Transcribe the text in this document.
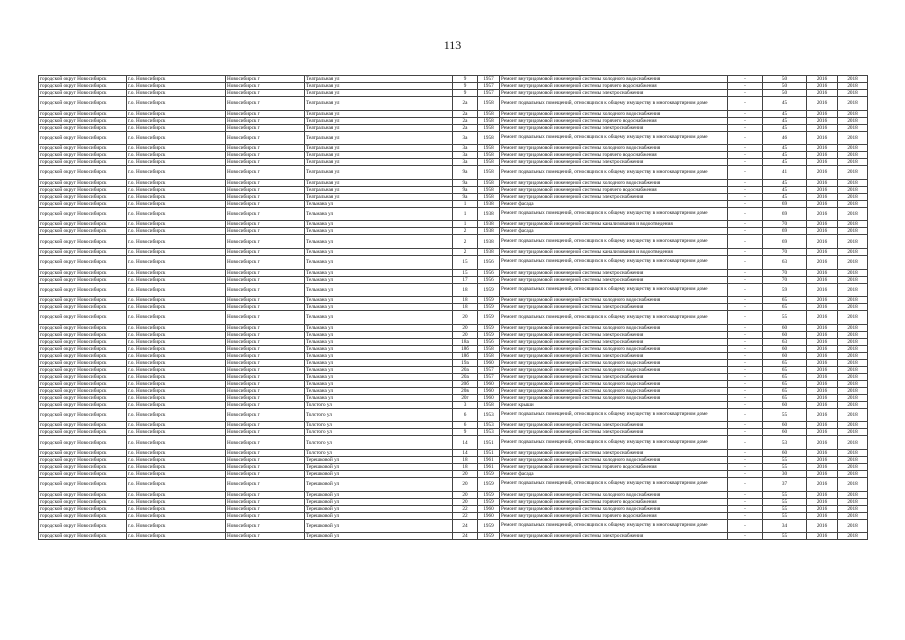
113
городской округ Новосибирск	г.о. Новосибирск	Новосибирск г	Театральная ул	9	1957	Ремонт внутридомовой инженерной системы холодного водоснабжения	-	50	2016	2018
городской округ Новосибирск	г.о. Новосибирск	Новосибирск г	Театральная ул	9	1957	Ремонт внутридомовой инженерной системы горячего водоснабжения	-	50	2016	2018
городской округ Новосибирск	г.о. Новосибирск	Новосибирск г	Театральная ул	9	1957	Ремонт внутридомовой инженерной системы электроснабжения	-	50	2016	2018
городской округ Новосибирск	г.о. Новосибирск	Новосибирск г	Театральная ул	2а	1958	Ремонт подвальных помещений, относящихся к общему имуществу в многоквартирном доме	-	45	2016	2018
городской округ Новосибирск	г.о. Новосибирск	Новосибирск г	Театральная ул	2а	1958	Ремонт внутридомовой инженерной системы холодного водоснабжения	-	45	2016	2018
городской округ Новосибирск	г.о. Новосибирск	Новосибирск г	Театральная ул	2а	1958	Ремонт внутридомовой инженерной системы горячего водоснабжения	-	45	2016	2018
городской округ Новосибирск	г.о. Новосибирск	Новосибирск г	Театральная ул	2а	1958	Ремонт внутридомовой инженерной системы электроснабжения	-	45	2016	2018
городской округ Новосибирск	г.о. Новосибирск	Новосибирск г	Театральная ул	3а	1958	Ремонт подвальных помещений, относящихся к общему имуществу в многоквартирном доме	-	46	2016	2018
городской округ Новосибирск	г.о. Новосибирск	Новосибирск г	Театральная ул	3а	1958	Ремонт внутридомовой инженерной системы холодного водоснабжения	-	45	2016	2018
городской округ Новосибирск	г.о. Новосибирск	Новосибирск г	Театральная ул	3а	1958	Ремонт внутридомовой инженерной системы горячего водоснабжения	-	45	2016	2018
городской округ Новосибирск	г.о. Новосибирск	Новосибирск г	Театральная ул	3а	1958	Ремонт внутридомовой инженерной системы электроснабжения	-	45	2016	2018
городской округ Новосибирск	г.о. Новосибирск	Новосибирск г	Театральная ул	9а	1958	Ремонт подвальных помещений, относящихся к общему имуществу в многоквартирном доме	-	41	2016	2018
городской округ Новосибирск	г.о. Новосибирск	Новосибирск г	Театральная ул	9а	1958	Ремонт внутридомовой инженерной системы холодного водоснабжения	-	45	2016	2018
городской округ Новосибирск	г.о. Новосибирск	Новосибирск г	Театральная ул	9а	1958	Ремонт внутридомовой инженерной системы горячего водоснабжения	-	45	2016	2018
городской округ Новосибирск	г.о. Новосибирск	Новосибирск г	Театральная ул	9а	1958	Ремонт внутридомовой инженерной системы электроснабжения	-	45	2016	2018
городской округ Новосибирск	г.о. Новосибирск	Новосибирск г	Тельмана ул	1	1938	Ремонт фасада	-	69	2016	2018
городской округ Новосибирск	г.о. Новосибирск	Новосибирск г	Тельмана ул	1	1938	Ремонт подвальных помещений, относящихся к общему имуществу в многоквартирном доме	-	69	2016	2018
городской округ Новосибирск	г.о. Новосибирск	Новосибирск г	Тельмана ул	1	1938	Ремонт внутридомовой инженерной системы канализования и водоотведения	-	70	2016	2018
городской округ Новосибирск	г.о. Новосибирск	Новосибирск г	Тельмана ул	2	1938	Ремонт фасада	-	69	2016	2018
городской округ Новосибирск	г.о. Новосибирск	Новосибирск г	Тельмана ул	2	1938	Ремонт подвальных помещений, относящихся к общему имуществу в многоквартирном доме	-	69	2016	2018
городской округ Новосибирск	г.о. Новосибирск	Новосибирск г	Тельмана ул	2	1938	Ремонт внутридомовой инженерной системы канализования и водоотведения	-	70	2016	2018
городской округ Новосибирск	г.о. Новосибирск	Новосибирск г	Тельмана ул	15	1956	Ремонт подвальных помещений, относящихся к общему имуществу в многоквартирном доме	-	63	2016	2018
городской округ Новосибирск	г.о. Новосибирск	Новосибирск г	Тельмана ул	15	1956	Ремонт внутридомовой инженерной системы электроснабжения	-	70	2016	2018
городской округ Новосибирск	г.о. Новосибирск	Новосибирск г	Тельмана ул	17	1956	Ремонт внутридомовой инженерной системы электроснабжения	-	70	2016	2018
городской округ Новосибирск	г.о. Новосибирск	Новосибирск г	Тельмана ул	18	1959	Ремонт подвальных помещений, относящихся к общему имуществу в многоквартирном доме	-	59	2016	2018
городской округ Новосибирск	г.о. Новосибирск	Новосибирск г	Тельмана ул	18	1959	Ремонт внутридомовой инженерной системы холодного водоснабжения	-	65	2016	2018
городской округ Новосибирск	г.о. Новосибирск	Новосибирск г	Тельмана ул	18	1959	Ремонт внутридомовой инженерной системы электроснабжения	-	65	2016	2018
городской округ Новосибирск	г.о. Новосибирск	Новосибирск г	Тельмана ул	20	1959	Ремонт подвальных помещений, относящихся к общему имуществу в многоквартирном доме	-	55	2016	2018
городской округ Новосибирск	г.о. Новосибирск	Новосибирск г	Тельмана ул	20	1959	Ремонт внутридомовой инженерной системы холодного водоснабжения	-	60	2016	2018
городской округ Новосибирск	г.о. Новосибирск	Новосибирск г	Тельмана ул	20	1959	Ремонт внутридомовой инженерной системы электроснабжения	-	60	2016	2018
городской округ Новосибирск	г.о. Новосибирск	Новосибирск г	Тельмана ул	18а	1956	Ремонт внутридомовой инженерной системы электроснабжения	-	63	2016	2018
городской округ Новосибирск	г.о. Новосибирск	Новосибирск г	Тельмана ул	18б	1958	Ремонт внутридомовой инженерной системы холодного водоснабжения	-	60	2016	2018
городской округ Новосибирск	г.о. Новосибирск	Новосибирск г	Тельмана ул	18б	1958	Ремонт внутридомовой инженерной системы электроснабжения	-	60	2016	2018
городской округ Новосибирск	г.о. Новосибирск	Новосибирск г	Тельмана ул	19а	1960	Ремонт внутридомовой инженерной системы холодного водоснабжения	-	65	2016	2018
городской округ Новосибирск	г.о. Новосибирск	Новосибирск г	Тельмана ул	20а	1957	Ремонт внутридомовой инженерной системы холодного водоснабжения	-	65	2016	2018
городской округ Новосибирск	г.о. Новосибирск	Новосибирск г	Тельмана ул	20а	1957	Ремонт внутридомовой инженерной системы электроснабжения	-	65	2016	2018
городской округ Новосибирск	г.о. Новосибирск	Новосибирск г	Тельмана ул	20б	1960	Ремонт внутридомовой инженерной системы холодного водоснабжения	-	65	2016	2018
городской округ Новосибирск	г.о. Новосибирск	Новосибирск г	Тельмана ул	20в	1960	Ремонт внутридомовой инженерной системы холодного водоснабжения	-	65	2016	2018
городской округ Новосибирск	г.о. Новосибирск	Новосибирск г	Тельмана ул	20г	1960	Ремонт внутридомовой инженерной системы холодного водоснабжения	-	65	2016	2018
городской округ Новосибирск	г.о. Новосибирск	Новосибирск г	Толстого ул	3	1958	Ремонт крыши	-	60	2016	2018
городской округ Новосибирск	г.о. Новосибирск	Новосибирск г	Толстого ул	6	1953	Ремонт подвальных помещений, относящихся к общему имуществу в многоквартирном доме	-	55	2016	2018
городской округ Новосибирск	г.о. Новосибирск	Новосибирск г	Толстого ул	6	1953	Ремонт внутридомовой инженерной системы электроснабжения	-	60	2016	2018
городской округ Новосибирск	г.о. Новосибирск	Новосибирск г	Толстого ул	9	1953	Ремонт внутридомовой инженерной системы электроснабжения	-	60	2016	2018
городской округ Новосибирск	г.о. Новосибирск	Новосибирск г	Толстого ул	14	1951	Ремонт подвальных помещений, относящихся к общему имуществу в многоквартирном доме	-	53	2016	2018
городской округ Новосибирск	г.о. Новосибирск	Новосибирск г	Толстого ул	14	1951	Ремонт внутридомовой инженерной системы электроснабжения	-	60	2016	2018
городской округ Новосибирск	г.о. Новосибирск	Новосибирск г	Терешковой ул	18	1961	Ремонт внутридомовой инженерной системы холодного водоснабжения	-	55	2016	2018
городской округ Новосибирск	г.о. Новосибирск	Новосибирск г	Терешковой ул	18	1961	Ремонт внутридомовой инженерной системы горячего водоснабжения	-	55	2016	2018
городской округ Новосибирск	г.о. Новосибирск	Новосибирск г	Терешковой ул	20	1959	Ремонт фасада	-	30	2016	2018
городской округ Новосибирск	г.о. Новосибирск	Новосибирск г	Терешковой ул	20	1959	Ремонт подвальных помещений, относящихся к общему имуществу в многоквартирном доме	-	37	2016	2018
городской округ Новосибирск	г.о. Новосибирск	Новосибирск г	Терешковой ул	20	1959	Ремонт внутридомовой инженерной системы холодного водоснабжения	-	55	2016	2018
городской округ Новосибирск	г.о. Новосибирск	Новосибирск г	Терешковой ул	20	1959	Ремонт внутридомовой инженерной системы горячего водоснабжения	-	55	2016	2018
городской округ Новосибирск	г.о. Новосибирск	Новосибирск г	Терешковой ул	22	1960	Ремонт внутридомовой инженерной системы холодного водоснабжения	-	55	2016	2018
городской округ Новосибирск	г.о. Новосибирск	Новосибирск г	Терешковой ул	22	1960	Ремонт внутридомовой инженерной системы горячего водоснабжения	-	55	2016	2018
городской округ Новосибирск	г.о. Новосибирск	Новосибирск г	Терешковой ул	24	1959	Ремонт подвальных помещений, относящихся к общему имуществу в многоквартирном доме	-	34	2016	2018
городской округ Новосибирск	г.о. Новосибирск	Новосибирск г	Терешковой ул	24	1959	Ремонт внутридомовой инженерной системы электроснабжения	-	55	2016	2018
